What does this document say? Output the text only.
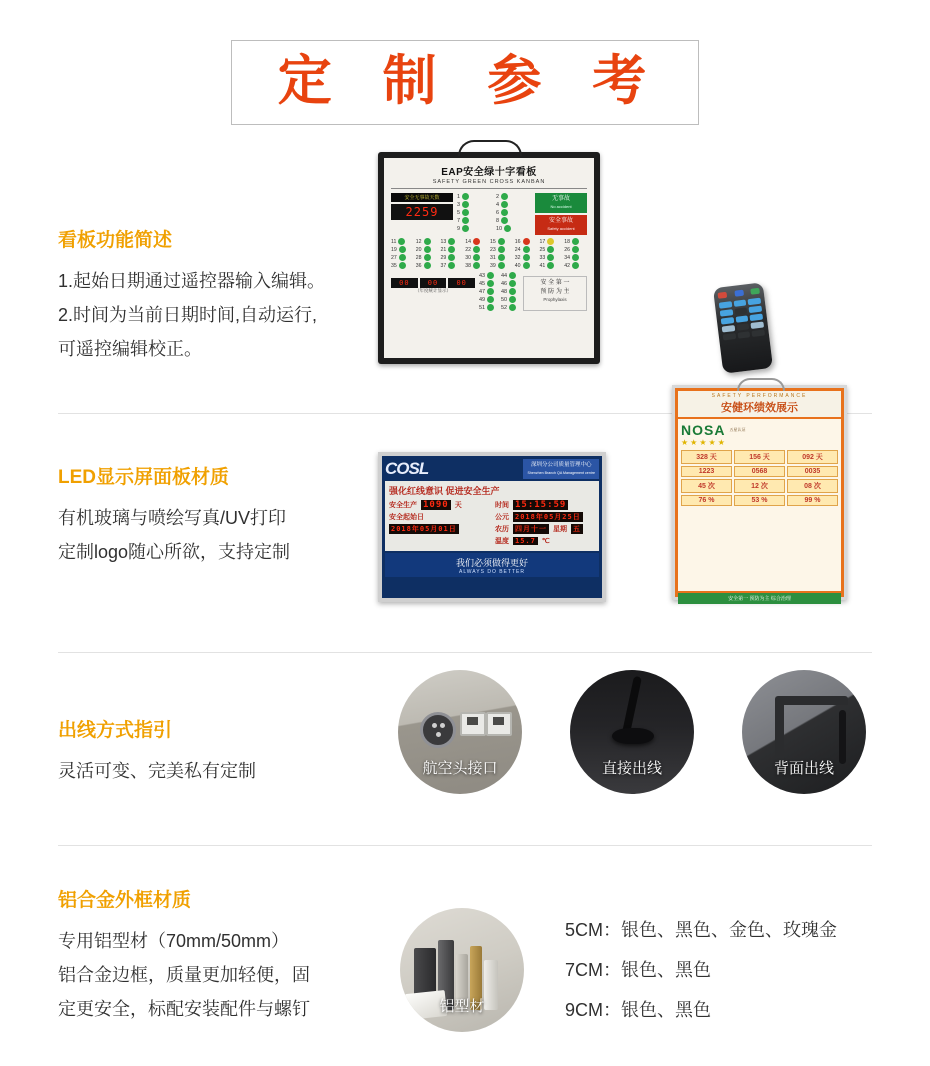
定 制 参 考
看板功能简述
1.起始日期通过遥控器输入编辑。
2.时间为当前日期时间,自动运行,
可遥控编辑校正。
EAP安全绿十字看板
SAFETY GREEN CROSS KANBAN
安全无事故天数
2259
1	2
3	4
5	6
7	8
9	10
无事故
No accident
安全事故
Safety accident
11	12	13	14	15	16	17	18
19	20	21	22	23	24	25	26
27	28	29	30	31	32	33	34
35	36	37	38	39	40	41	42
00	00	00
（年度统计显示）
43	44
45	46
47	48
49	50
51	52
安 全 第 一
预 防 为 主
Prophylaxis
LED显示屏面板材质
有机玻璃与喷绘写真/UV打印
定制logo随心所欲，支持定制
COSL	深圳分公司质量管理中心
Shenzhen Branch QA Management centre
强化红线意识 促进安全生产
安全生产 1090 天
安全起始日
2018年05月01日
时间 15:15:59
公元 2018年05月25日
农历 四月十一 星期 五
温度 15.7 ℃
我们必须做得更好
ALWAYS DO BETTER
SAFETY PERFORMANCE
安健环绩效展示
NOSA 五星认证
★★★★★
328 天	156 天	092 天
1223	0568	0035
45 次	12 次	08 次
76 %	53 %	99 %
安全第一 预防为主 综合治理
出线方式指引
灵活可变、完美私有定制	航空头接口	直接出线	背面出线
铝合金外框材质
专用铝型材（70mm/50mm）
铝合金边框，质量更加轻便，固
定更安全，标配安装配件与螺钉	铝型材
5CM：银色、黑色、金色、玫瑰金
7CM：银色、黑色
9CM：银色、黑色
